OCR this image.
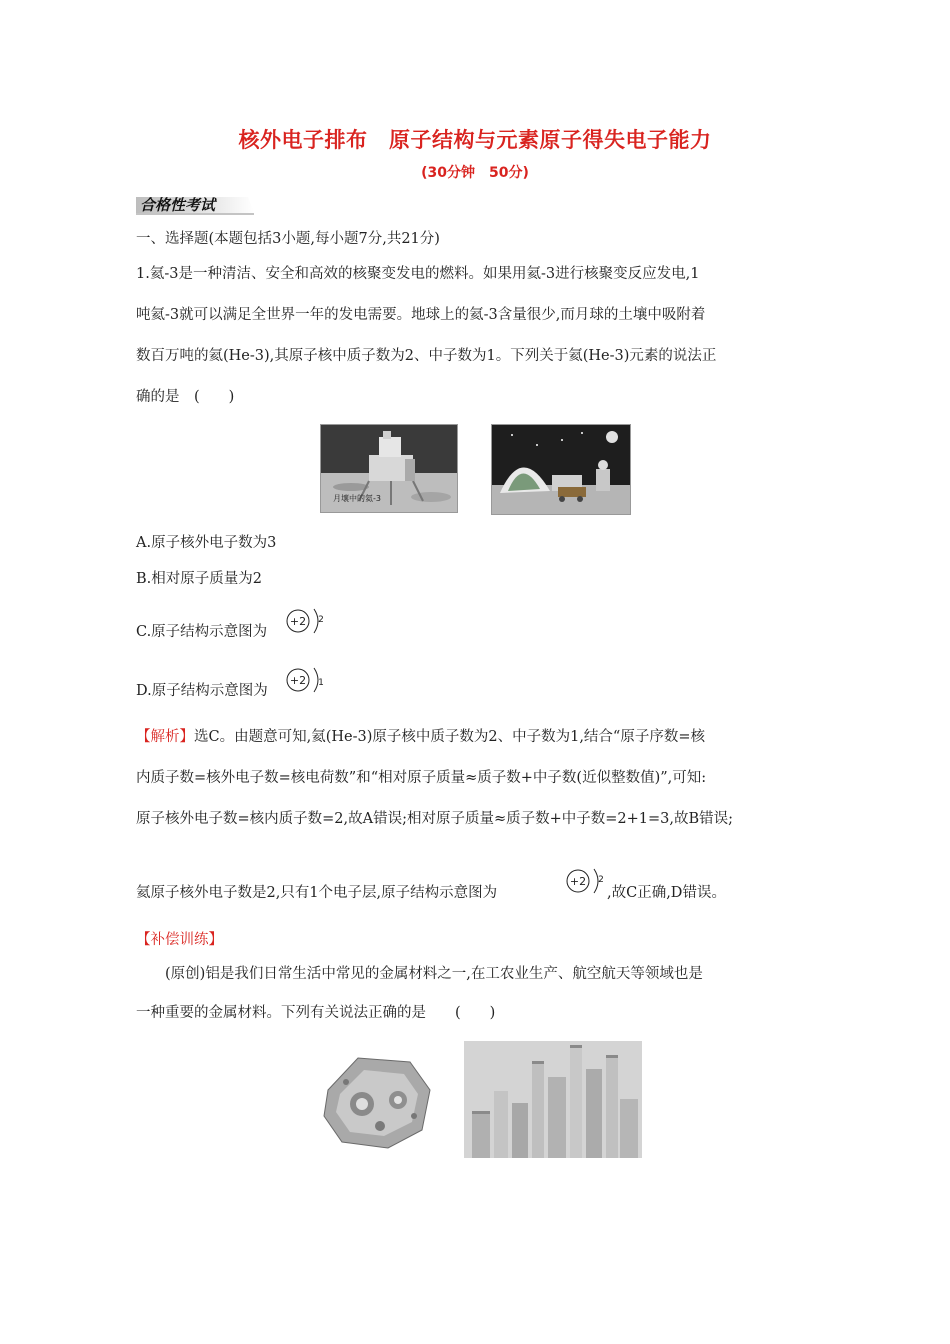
核外电子排布　原子结构与元素原子得失电子能力
(30分钟　50分)
合格性考试
一、选择题(本题包括3小题,每小题7分,共21分)
1.氦-3是一种清洁、安全和高效的核聚变发电的燃料。如果用氦-3进行核聚变反应发电,1
吨氦-3就可以满足全世界一年的发电需要。地球上的氦-3含量很少,而月球的土壤中吸附着
数百万吨的氦(He-3),其原子核中质子数为2、中子数为1。下列关于氦(He-3)元素的说法正
确的是　(　　)
月壤中的氦-3
A.原子核外电子数为3
B.相对原子质量为2
C.原子结构示意图为
+2 2
D.原子结构示意图为
+2 1
【解析】选C。由题意可知,氦(He-3)原子核中质子数为2、中子数为1,结合“原子序数=核
内质子数=核外电子数=核电荷数”和“相对原子质量≈质子数+中子数(近似整数值)”,可知:
原子核外电子数=核内质子数=2,故A错误;相对原子质量≈质子数+中子数=2+1=3,故B错误;
氦原子核外电子数是2,只有1个电子层,原子结构示意图为
+2 2
,故C正确,D错误。
【补偿训练】
(原创)铝是我们日常生活中常见的金属材料之一,在工农业生产、航空航天等领域也是
一种重要的金属材料。下列有关说法正确的是　　(　　)
